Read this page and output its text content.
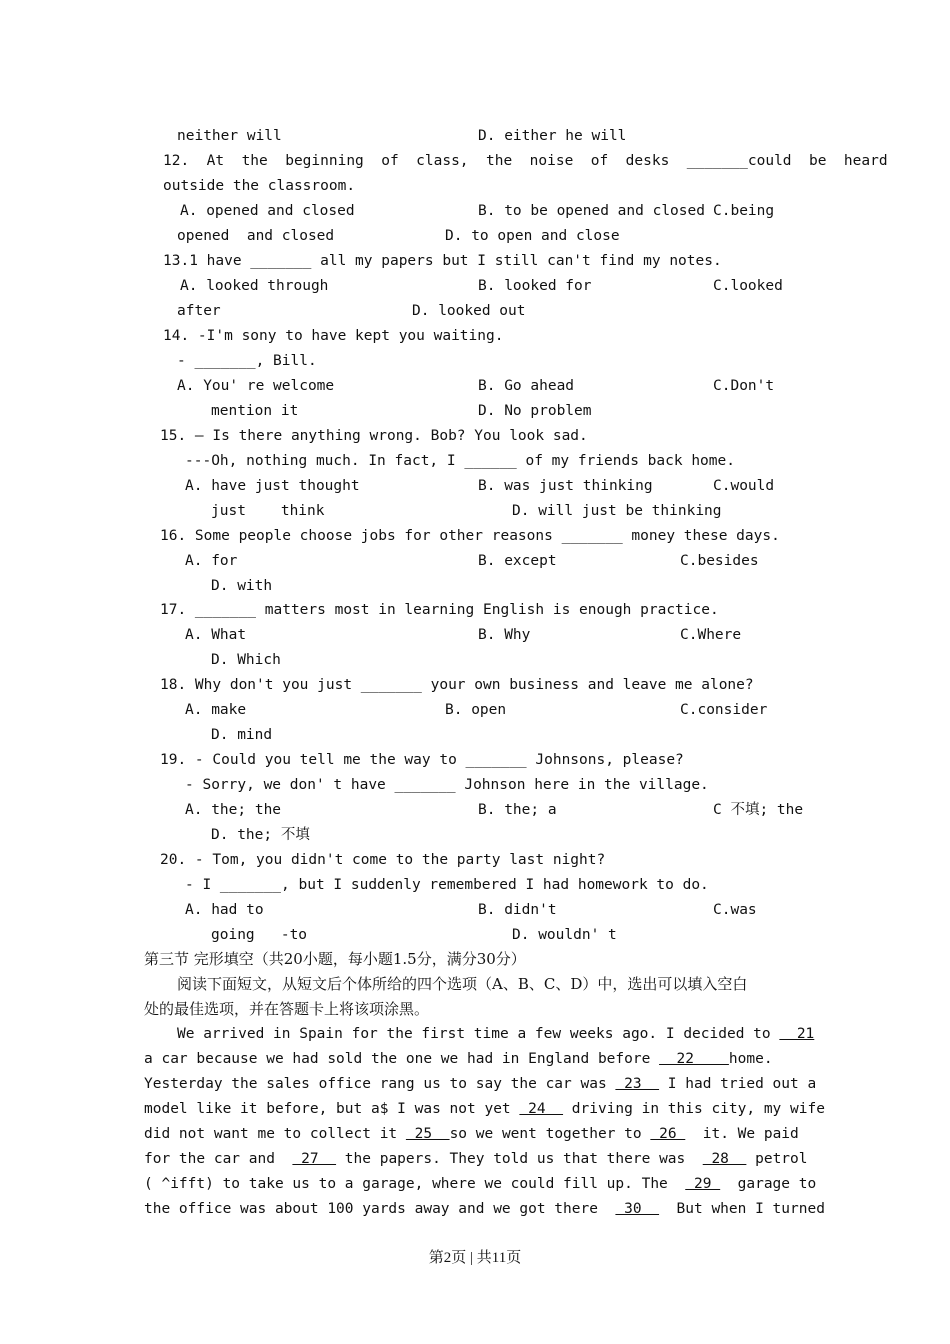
neither will	D. either he will
12.  At  the  beginning  of  class,  the  noise  of  desks  _______could  be  heard
outside the classroom.
A. opened and closed	B. to be opened and closed C.being
opened  and closed	D. to open and close
13.1 have _______ all my papers but I still can't find my notes.
A. looked through	B. looked for	C.looked
after	D. looked out
14. -I'm sony to have kept you waiting.
- _______, Bill.
A. You' re welcome	B. Go ahead	C.Don't
mention it	D. No problem
15. — Is there anything wrong. Bob? You look sad.
---Oh, nothing much. In fact, I ______ of my friends back home.
A. have just thought	B. was just thinking	C.would
just    think	D. will just be thinking
16. Some people choose jobs for other reasons _______ money these days.
A. for	B. except	C.besides
D. with
17. _______ matters most in learning English is enough practice.
A. What	B. Why	C.Where
D. Which
18. Why don't you just _______ your own business and leave me alone?
A. make	B. open	C.consider
D. mind
19. - Could you tell me the way to _______ Johnsons, please?
- Sorry, we don' t have _______ Johnson here in the village.
A. the; the	B. the; a	C 不填; the
D. the; 不填
20. - Tom, you didn't come to the party last night?
- I _______, but I suddenly remembered I had homework to do.
A. had to	B. didn't	C.was
going   -to	D. wouldn' t
第三节 完形填空（共20小题，每小题1.5分，满分30分）
阅读下面短文，从短文后个体所给的四个选项（A、B、C、D）中，选出可以填入空白
处的最佳选项，并在答题卡上将该项涂黑。
We arrived in Spain for the first time a few weeks ago. I decided to   21
a car because we had sold the one we had in England before   22    home.
Yesterday the sales office rang us to say the car was  23   I had tried out a
model like it before, but a$ I was not yet  24   driving in this city, my wife
did not want me to collect it  25  so we went together to  26   it. We paid
for the car and   27   the papers. They told us that there was   28   petrol
( ^ifft) to take us to a garage, where we could fill up. The   29   garage to
the office was about 100 yards away and we got there   30    But when I turned
第2页 | 共11页
